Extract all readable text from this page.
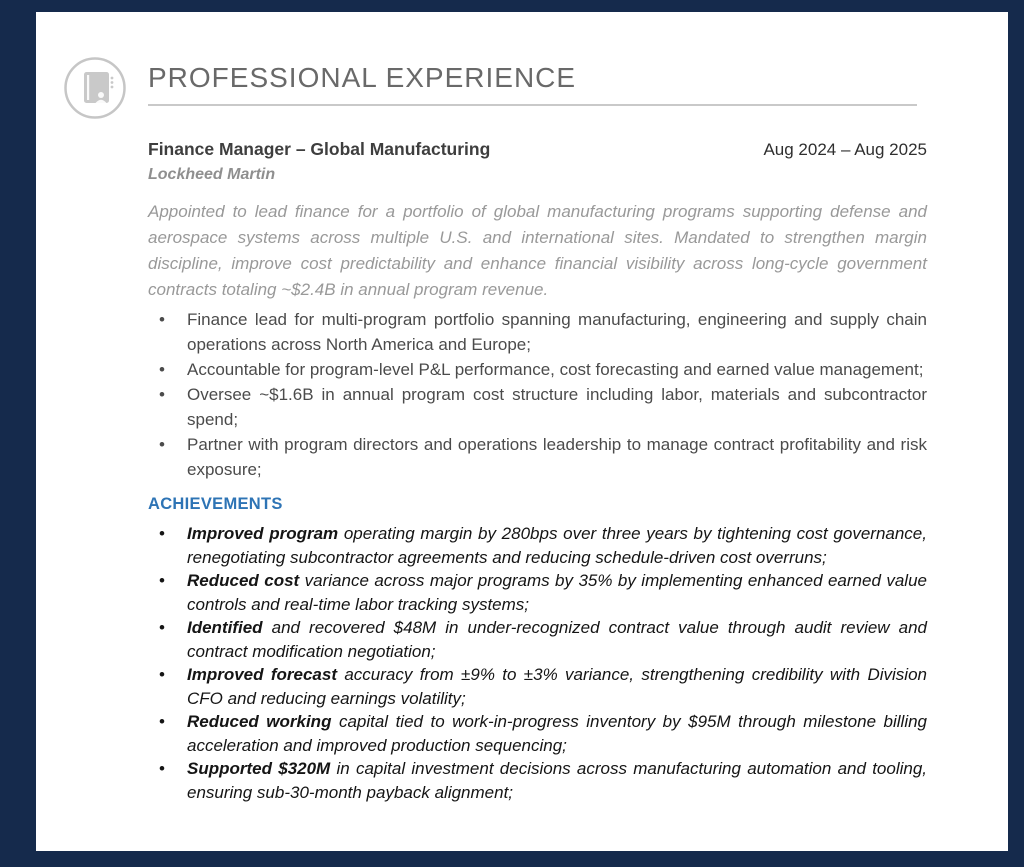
PROFESSIONAL EXPERIENCE
Finance Manager – Global Manufacturing	Aug 2024 – Aug 2025
Lockheed Martin

Appointed to lead finance for a portfolio of global manufacturing programs supporting defense and aerospace systems across multiple U.S. and international sites. Mandated to strengthen margin discipline, improve cost predictability and enhance financial visibility across long-cycle government contracts totaling ~$2.4B in annual program revenue.

• Finance lead for multi-program portfolio spanning manufacturing, engineering and supply chain operations across North America and Europe;
• Accountable for program-level P&L performance, cost forecasting and earned value management;
• Oversee ~$1.6B in annual program cost structure including labor, materials and subcontractor spend;
• Partner with program directors and operations leadership to manage contract profitability and risk exposure;
ACHIEVEMENTS
• Improved program operating margin by 280bps over three years by tightening cost governance, renegotiating subcontractor agreements and reducing schedule-driven cost overruns;
• Reduced cost variance across major programs by 35% by implementing enhanced earned value controls and real-time labor tracking systems;
• Identified and recovered $48M in under-recognized contract value through audit review and contract modification negotiation;
• Improved forecast accuracy from ±9% to ±3% variance, strengthening credibility with Division CFO and reducing earnings volatility;
• Reduced working capital tied to work-in-progress inventory by $95M through milestone billing acceleration and improved production sequencing;
• Supported $320M in capital investment decisions across manufacturing automation and tooling, ensuring sub-30-month payback alignment;
